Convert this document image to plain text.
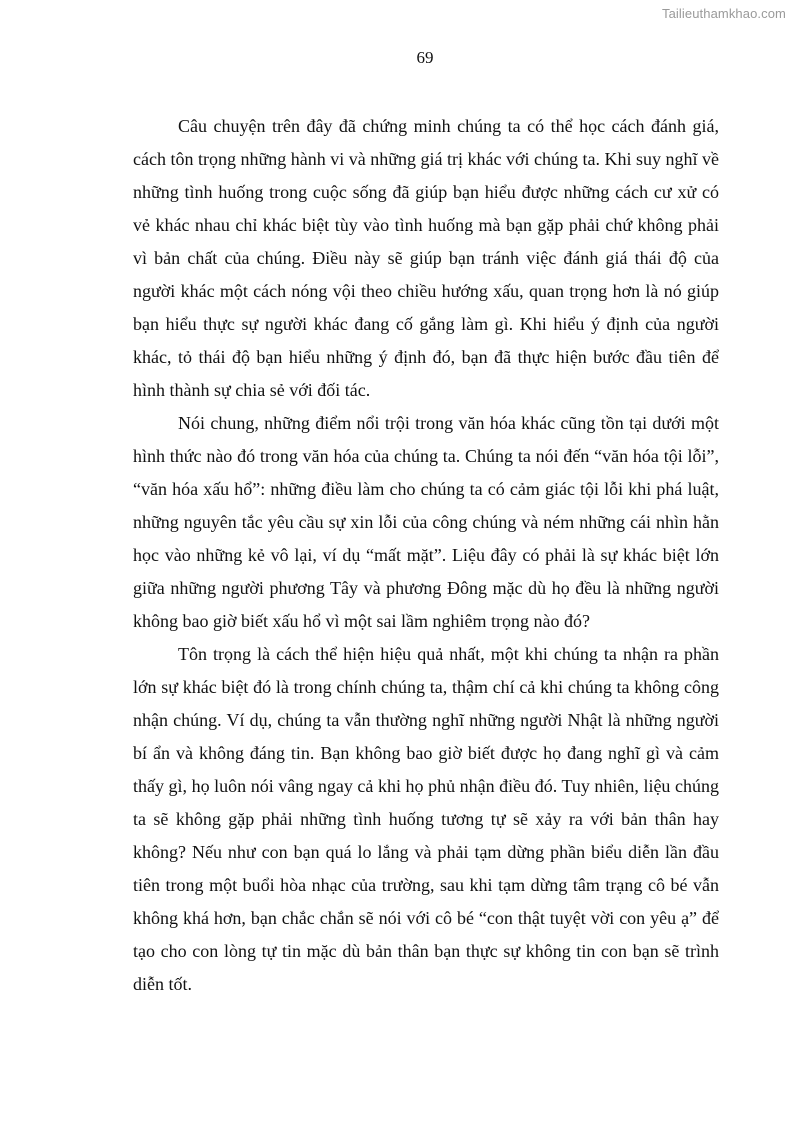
Tailieuthamkhao.com
69

Câu chuyện trên đây đã chứng minh chúng ta có thể học cách đánh giá, cách tôn trọng những hành vi và những giá trị khác với chúng ta. Khi suy nghĩ về những tình huống trong cuộc sống đã giúp bạn hiểu được những cách cư xử có vẻ khác nhau chỉ khác biệt tùy vào tình huống mà bạn gặp phải chứ không phải vì bản chất của chúng. Điều này sẽ giúp bạn tránh việc đánh giá thái độ của người khác một cách nóng vội theo chiều hướng xấu, quan trọng hơn là nó giúp bạn hiểu thực sự người khác đang cố gắng làm gì. Khi hiểu ý định của người khác, tỏ thái độ bạn hiểu những ý định đó, bạn đã thực hiện bước đầu tiên để hình thành sự chia sẻ với đối tác.

Nói chung, những điểm nổi trội trong văn hóa khác cũng tồn tại dưới một hình thức nào đó trong văn hóa của chúng ta. Chúng ta nói đến “văn hóa tội lỗi”, “văn hóa xấu hổ”: những điều làm cho chúng ta có cảm giác tội lỗi khi phá luật, những nguyên tắc yêu cầu sự xin lỗi của công chúng và ném những cái nhìn hằn học vào những kẻ vô lại, ví dụ “mất mặt”. Liệu đây có phải là sự khác biệt lớn giữa những người phương Tây và phương Đông mặc dù họ đều là những người không bao giờ biết xấu hổ vì một sai lầm nghiêm trọng nào đó?

Tôn trọng là cách thể hiện hiệu quả nhất, một khi chúng ta nhận ra phần lớn sự khác biệt đó là trong chính chúng ta, thậm chí cả khi chúng ta không công nhận chúng. Ví dụ, chúng ta vẫn thường nghĩ những người Nhật là những người bí ẩn và không đáng tin. Bạn không bao giờ biết được họ đang nghĩ gì và cảm thấy gì, họ luôn nói vâng ngay cả khi họ phủ nhận điều đó. Tuy nhiên, liệu chúng ta sẽ không gặp phải những tình huống tương tự sẽ xảy ra với bản thân hay không? Nếu như con bạn quá lo lắng và phải tạm dừng phần biểu diễn lần đầu tiên trong một buổi hòa nhạc của trường, sau khi tạm dừng tâm trạng cô bé vẫn không khá hơn, bạn chắc chắn sẽ nói với cô bé “con thật tuyệt vời con yêu ạ” để tạo cho con lòng tự tin mặc dù bản thân bạn thực sự không tin con bạn sẽ trình diễn tốt.
